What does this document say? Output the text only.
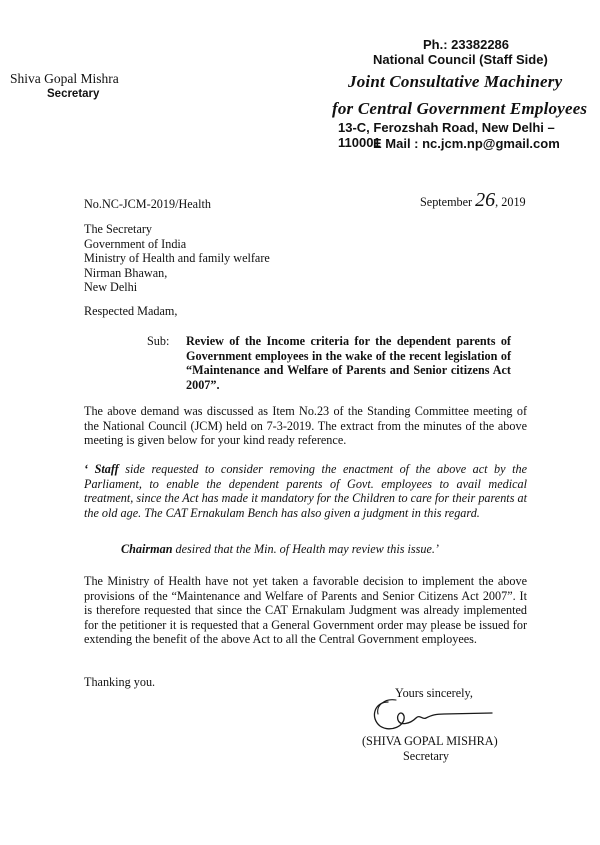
Shiva Gopal Mishra
Secretary
Ph.: 23382286
National Council (Staff Side)
Joint Consultative Machinery
for Central Government Employees
13-C, Ferozshah Road, New Delhi – 110001
E Mail : nc.jcm.np@gmail.com
No.NC-JCM-2019/Health	September 26, 2019
The Secretary
Government of India
Ministry of Health and family welfare
Nirman Bhawan,
New Delhi
Respected Madam,
Sub: Review of the Income criteria for the dependent parents of Government employees in the wake of the recent legislation of “Maintenance and Welfare of Parents and Senior citizens Act 2007”.
The above demand was discussed as Item No.23 of the Standing Committee meeting of the National Council (JCM) held on 7-3-2019. The extract from the minutes of the above meeting is given below for your kind ready reference.
‘ Staff side requested to consider removing the enactment of the above act by the Parliament, to enable the dependent parents of Govt. employees to avail medical treatment, since the Act has made it mandatory for the Children to care for their parents at the old age. The CAT Ernakulam Bench has also given a judgment in this regard.
Chairman desired that the Min. of Health may review this issue.’
The Ministry of Health have not yet taken a favorable decision to implement the above provisions of the “Maintenance and Welfare of Parents and Senior Citizens Act 2007”. It is therefore requested that since the CAT Ernakulam Judgment was already implemented for the petitioner it is requested that a General Government order may please be issued for extending the benefit of the above Act to all the Central Government employees.
Thanking you.
Yours sincerely,
(SHIVA GOPAL MISHRA)
Secretary
